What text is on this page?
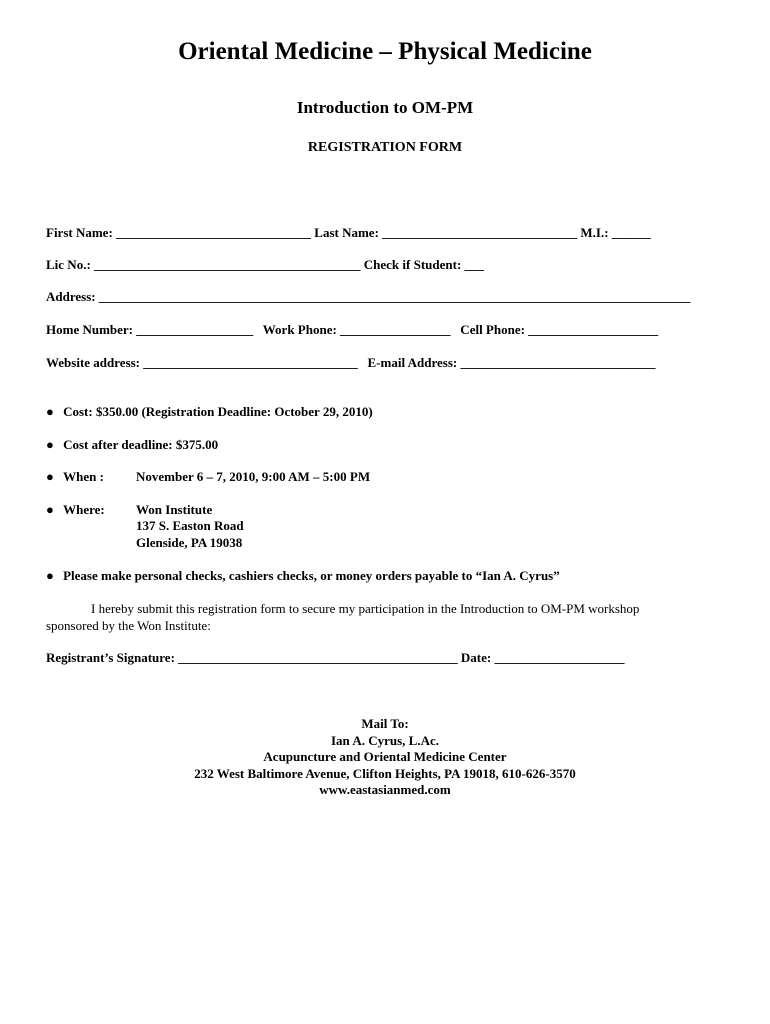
Oriental Medicine – Physical Medicine
Introduction to OM-PM
REGISTRATION FORM
First Name: ______________________________ Last Name: ______________________________ M.I.: ______
Lic No.: _________________________________________ Check if Student: ___
Address: ___________________________________________________________________________________________
Home Number: __________________   Work Phone: _________________   Cell Phone: ____________________
Website address: _________________________________   E-mail Address: ______________________________
● Cost: $350.00 (Registration Deadline: October 29, 2010)
● Cost after deadline: $375.00
● When : November 6 – 7, 2010, 9:00 AM – 5:00 PM
● Where: Won Institute
137 S. Easton Road
Glenside, PA 19038
● Please make personal checks, cashiers checks, or money orders payable to “Ian A. Cyrus”
I hereby submit this registration form to secure my participation in the Introduction to OM-PM workshop
sponsored by the Won Institute:
Registrant’s Signature: ___________________________________________ Date: ____________________
Mail To:
Ian A. Cyrus, L.Ac.
Acupuncture and Oriental Medicine Center
232 West Baltimore Avenue, Clifton Heights, PA 19018, 610-626-3570
www.eastasianmed.com
